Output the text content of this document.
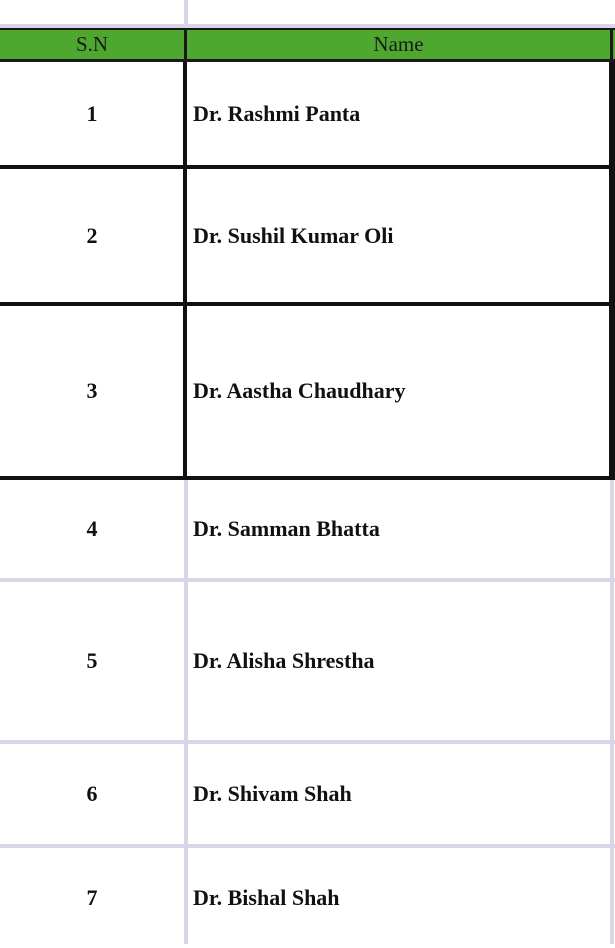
S.N	Name
1	Dr. Rashmi Panta
2	Dr. Sushil Kumar Oli
3	Dr. Aastha Chaudhary
4	Dr. Samman Bhatta
5	Dr. Alisha Shrestha
6	Dr. Shivam Shah
7	Dr. Bishal Shah
